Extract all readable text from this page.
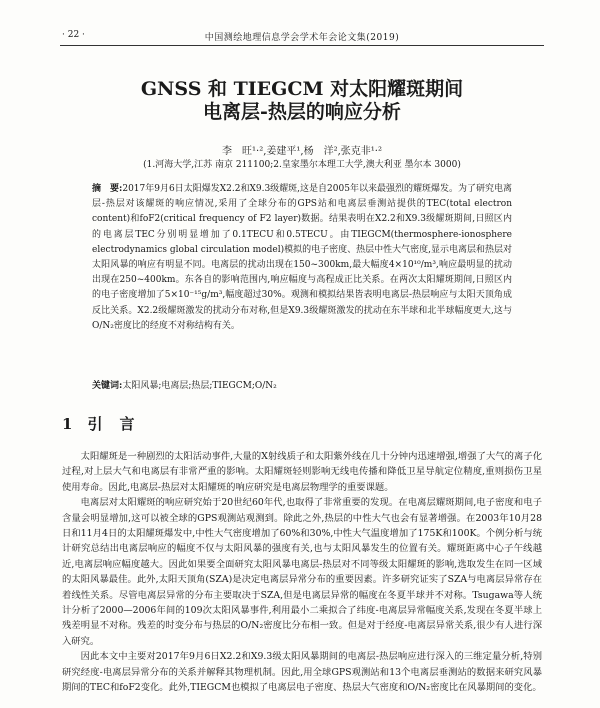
· 22 ·	中国测绘地理信息学会学术年会论文集(2019)
GNSS 和 TIEGCM 对太阳耀斑期间
电离层-热层的响应分析
李　旺¹·²,姜建平¹,杨　洋²,张克非¹·²
(1.河海大学,江苏 南京 211100;2.皇家墨尔本理工大学,澳大利亚 墨尔本 3000)
摘　要:2017年9月6日太阳爆发X2.2和X9.3级耀斑,这是自2005年以来最强烈的耀斑爆发。为了研究电离层-热层对该耀斑的响应情况,采用了全球分布的GPS站和电离层垂测站提供的TEC(total electron content)和foF2(critical frequency of F2 layer)数据。结果表明在X2.2和X9.3级耀斑期间,日照区内的电离层TEC分别明显增加了0.1TECU和0.5TECU。由TIEGCM(thermosphere-ionosphere electrodynamics global circulation model)模拟的电子密度、热层中性大气密度,显示电离层和热层对太阳风暴的响应有明显不同。电离层的扰动出现在150~300km,最大幅度4×10¹⁰/m³,响应最明显的扰动出现在250~400km。东各自的影响范围内,响应幅度与高程成正比关系。在两次太阳耀斑期间,日照区内的电子密度增加了5×10⁻¹⁵g/m³,幅度超过30%。观测和模拟结果皆表明电离层-热层响应与太阳天顶角成反比关系。X2.2级耀斑激发的扰动分布对称,但是X9.3级耀斑激发的扰动在东半球和北半球幅度更大,这与O/N₂密度比的经度不对称结构有关。
关键词:太阳风暴;电离层;热层;TIEGCM;O/N₂
1 引　言

太阳耀斑是一种剧烈的太阳活动事件,大量的X射线质子和太阳紫外线在几十分钟内迅速增强,增强了大气的离子化过程,对上层大气和电离层有非常严重的影响。太阳耀斑轻则影响无线电传播和降低卫星导航定位精度,重则损伤卫星使用寿命。因此,电离层-热层对太阳耀斑的响应研究是电离层物理学的重要课题。

电离层对太阳耀斑的响应研究始于20世纪60年代,也取得了非常重要的发现。在电离层耀斑期间,电子密度和电子含量会明显增加,这可以被全球的GPS观测站观测到。除此之外,热层的中性大气也会有显著增强。在2003年10月28日和11月4日的太阳耀斑爆发中,中性大气密度增加了60%和30%,中性大气温度增加了175K和100K。个例分析与统计研究总结出电离层响应的幅度不仅与太阳风暴的强度有关,也与太阳风暴发生的位置有关。耀斑距离中心子午线越近,电离层响应幅度越大。因此如果要全面研究太阳风暴电离层-热层对不同等级太阳耀斑的影响,选取发生在同一区域的太阳风暴最佳。此外,太阳天顶角(SZA)是决定电离层异常分布的重要因素。许多研究证实了SZA与电离层异常存在着线性关系。尽管电离层异常的分布主要取决于SZA,但是电离层异常的幅度在冬夏半球并不对称。Tsugawa等人统计分析了2000—2006年间的109次太阳风暴事件,利用最小二乘拟合了纬度-电离层异常幅度关系,发现在冬夏半球上残差明显不对称。残差的时变分布与热层的O/N₂密度比分布相一致。但是对于经度-电离层异常关系,很少有人进行深入研究。

因此本文中主要对2017年9月6日X2.2和X9.3级太阳风暴期间的电离层-热层响应进行深入的三维定量分析,特别研究经度-电离层异常分布的关系并解释其物理机制。因此,用全球GPS观测站和13个电离层垂测站的数据来研究风暴期间的TEC和foF2变化。此外,TIEGCM也模拟了电离层电子密度、热层大气密度和O/N₂密度比在风暴期间的变化。
